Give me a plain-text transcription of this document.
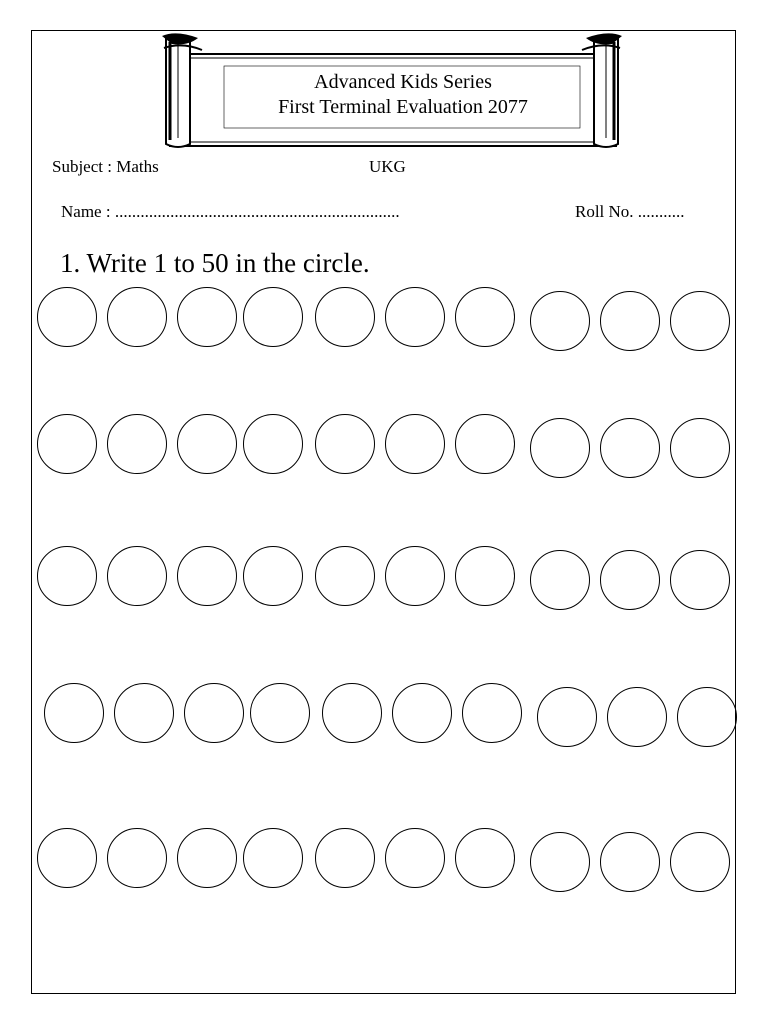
Advanced Kids Series
First Terminal Evaluation 2077
Subject : Maths	UKG
Name : ...................................................................	Roll No. ...........
1. Write 1 to 50 in the circle.
